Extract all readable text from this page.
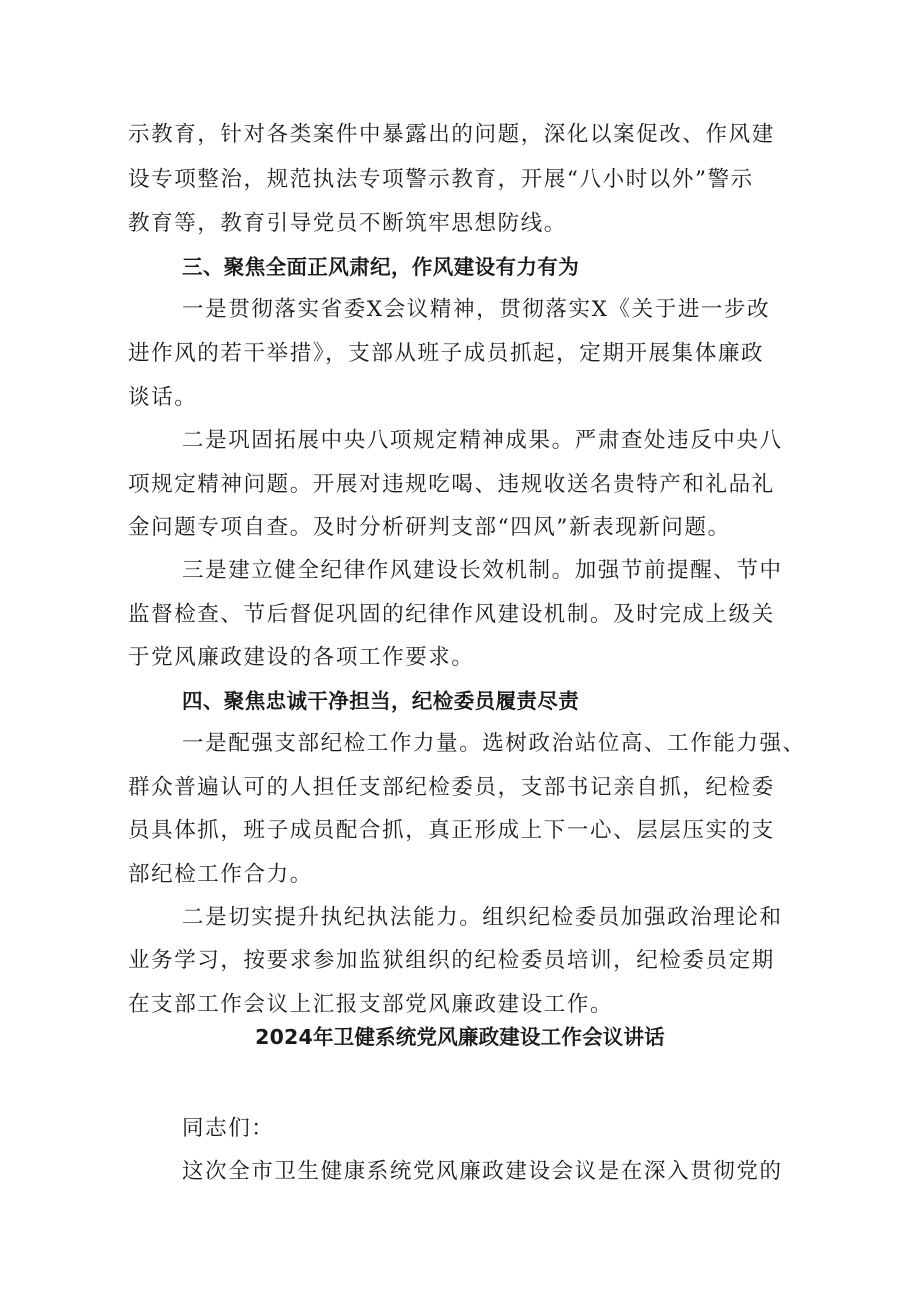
示教育，针对各类案件中暴露出的问题，深化以案促改、作风建
设专项整治，规范执法专项警示教育，开展“八小时以外”警示
教育等，教育引导党员不断筑牢思想防线。
三、聚焦全面正风肃纪，作风建设有力有为
一是贯彻落实省委X会议精神，贯彻落实X《关于进一步改
进作风的若干举措》，支部从班子成员抓起，定期开展集体廉政
谈话。
二是巩固拓展中央八项规定精神成果。严肃查处违反中央八
项规定精神问题。开展对违规吃喝、违规收送名贵特产和礼品礼
金问题专项自查。及时分析研判支部“四风”新表现新问题。
三是建立健全纪律作风建设长效机制。加强节前提醒、节中
监督检查、节后督促巩固的纪律作风建设机制。及时完成上级关
于党风廉政建设的各项工作要求。
四、聚焦忠诚干净担当，纪检委员履责尽责
一是配强支部纪检工作力量。选树政治站位高、工作能力强、
群众普遍认可的人担任支部纪检委员，支部书记亲自抓，纪检委
员具体抓，班子成员配合抓，真正形成上下一心、层层压实的支
部纪检工作合力。
二是切实提升执纪执法能力。组织纪检委员加强政治理论和
业务学习，按要求参加监狱组织的纪检委员培训，纪检委员定期
在支部工作会议上汇报支部党风廉政建设工作。
2024年卫健系统党风廉政建设工作会议讲话
同志们：
这次全市卫生健康系统党风廉政建设会议是在深入贯彻党的
